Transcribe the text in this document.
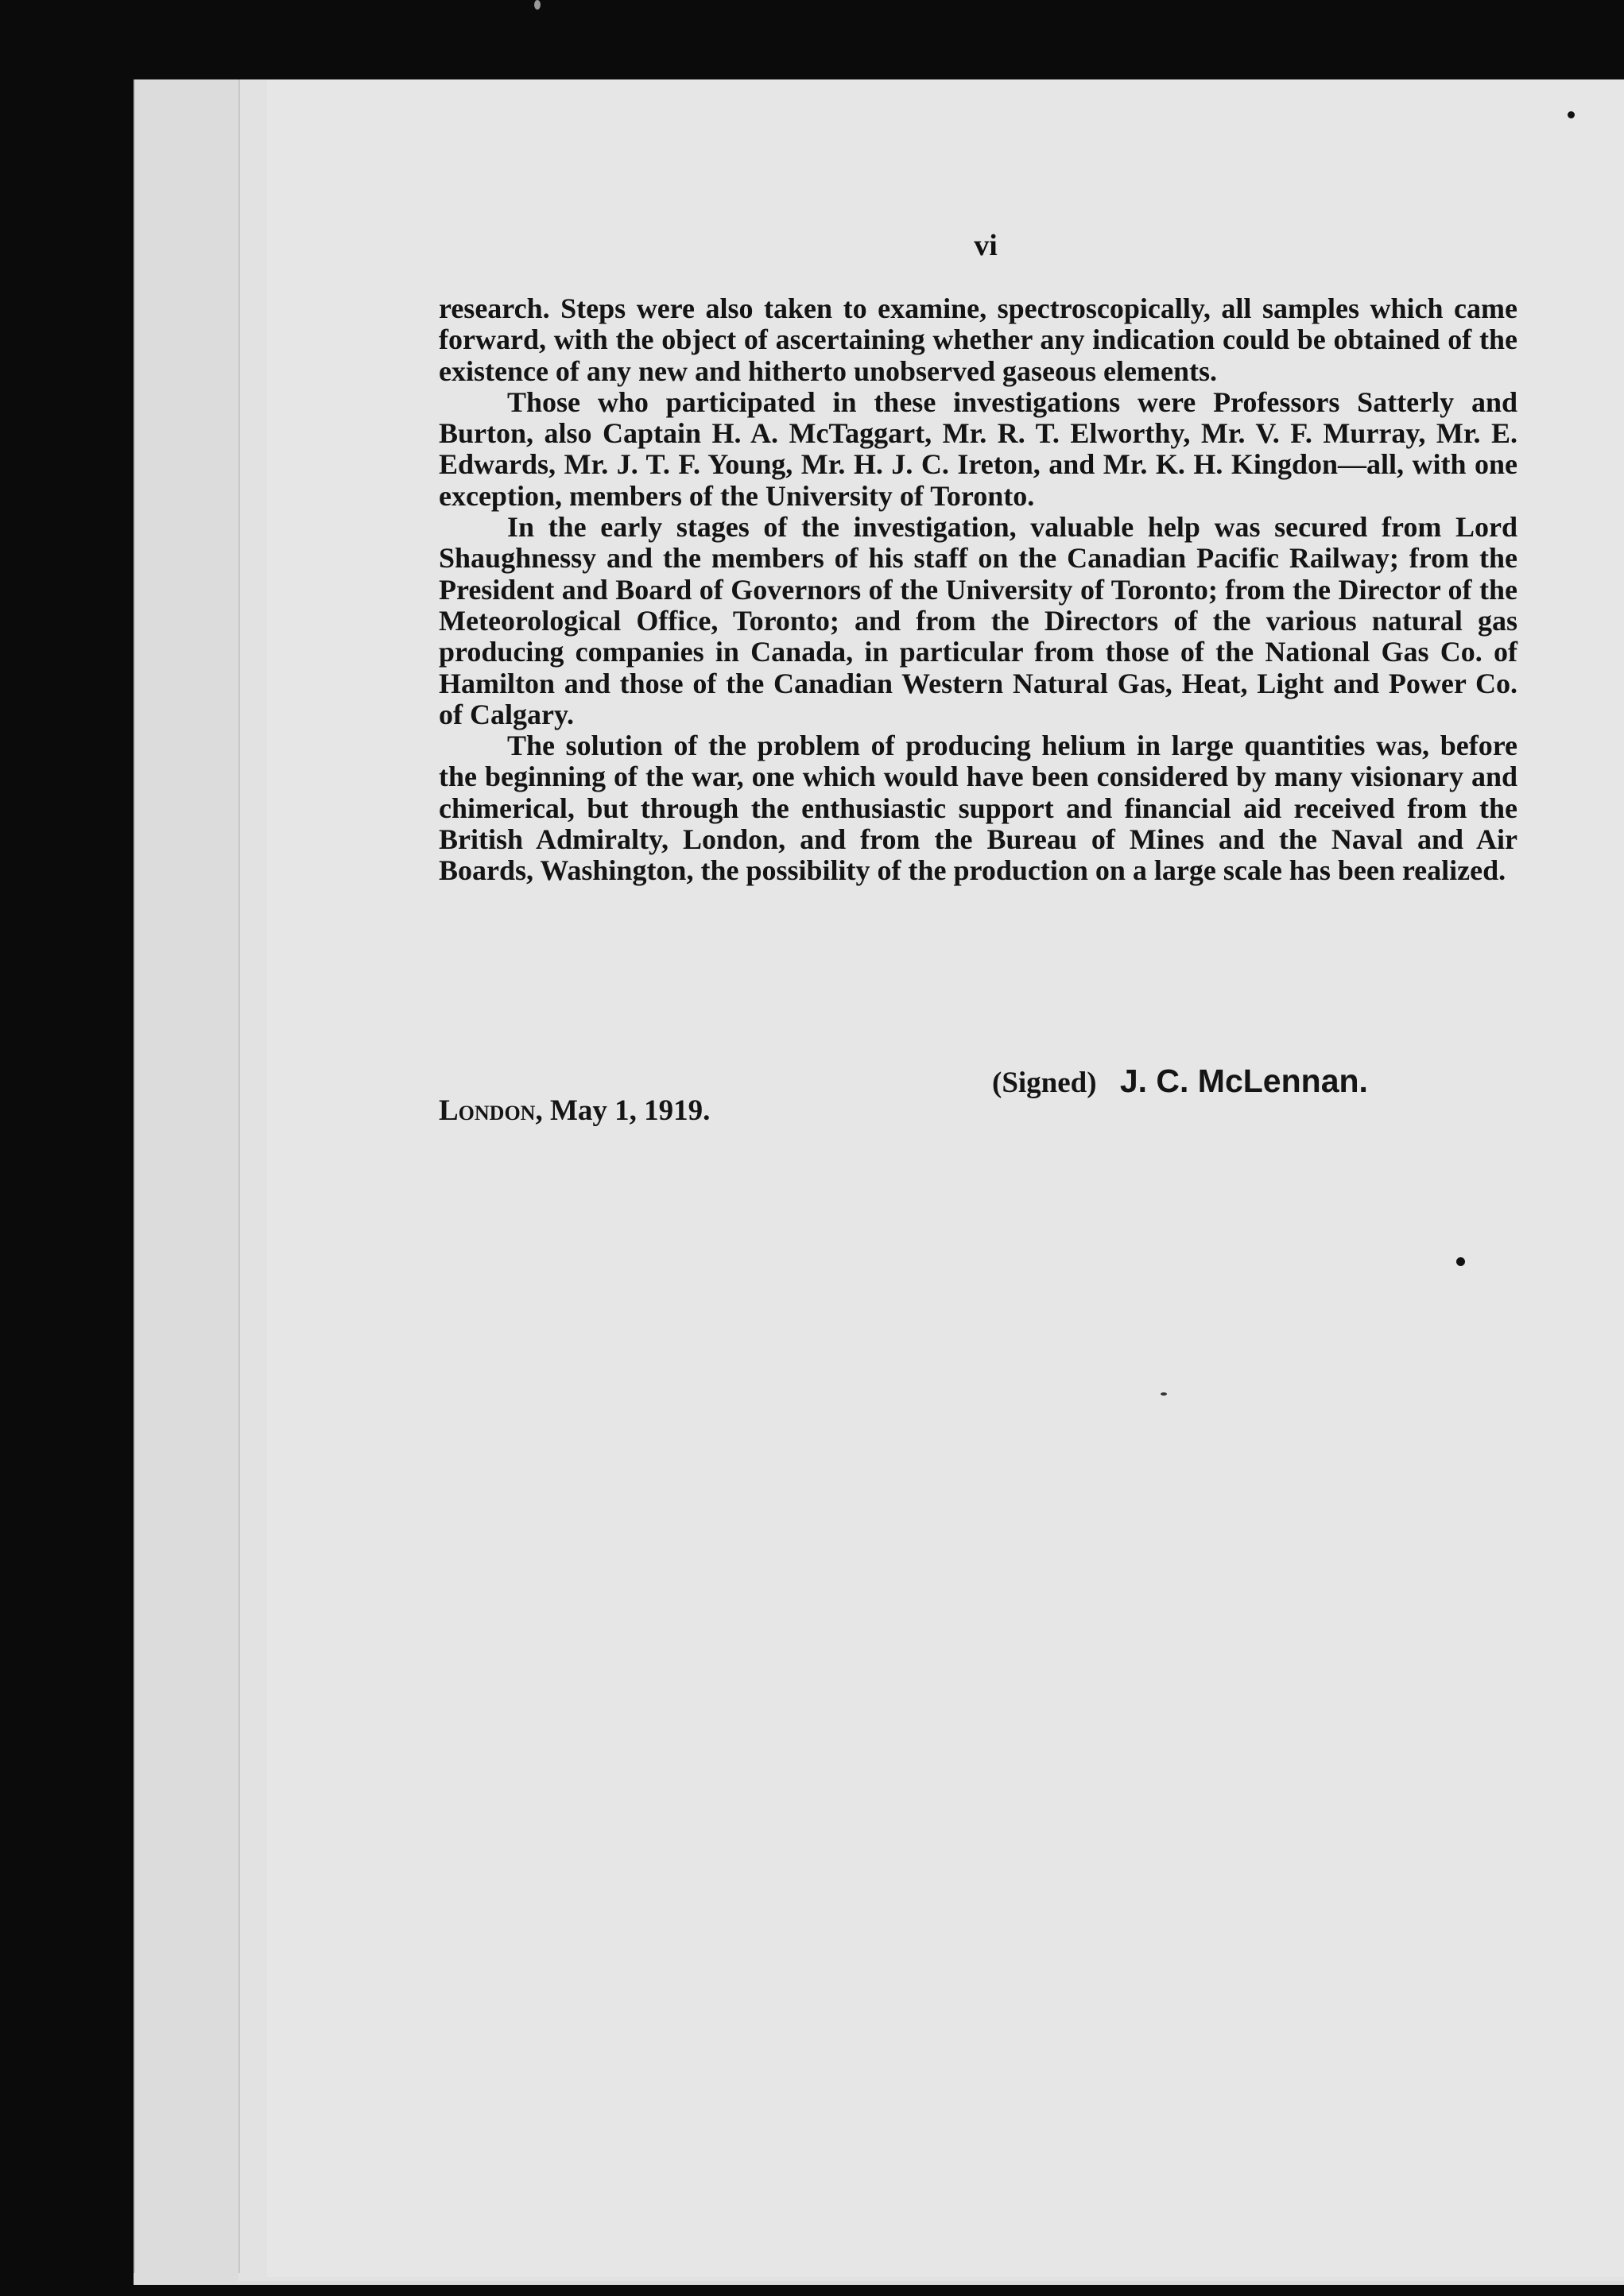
vi

research. Steps were also taken to examine, spectroscopically, all samples which came forward, with the object of ascertaining whether any indication could be obtained of the existence of any new and hitherto unobserved gaseous elements.

Those who participated in these investigations were Professors Satterly and Burton, also Captain H. A. McTaggart, Mr. R. T. Elworthy, Mr. V. F. Murray, Mr. E. Edwards, Mr. J. T. F. Young, Mr. H. J. C. Ireton, and Mr. K. H. Kingdon—all, with one exception, members of the University of Toronto.

In the early stages of the investigation, valuable help was secured from Lord Shaughnessy and the members of his staff on the Canadian Pacific Railway; from the President and Board of Governors of the University of Toronto; from the Director of the Meteorological Office, Toronto; and from the Directors of the various natural gas producing companies in Canada, in particular from those of the National Gas Co. of Hamilton and those of the Canadian Western Natural Gas, Heat, Light and Power Co. of Calgary.

The solution of the problem of producing helium in large quantities was, before the beginning of the war, one which would have been considered by many visionary and chimerical, but through the enthusiastic support and financial aid received from the British Admiralty, London, and from the Bureau of Mines and the Naval and Air Boards, Washington, the possibility of the production on a large scale has been realized.

(Signed) J. C. McLennan.
London, May 1, 1919.
